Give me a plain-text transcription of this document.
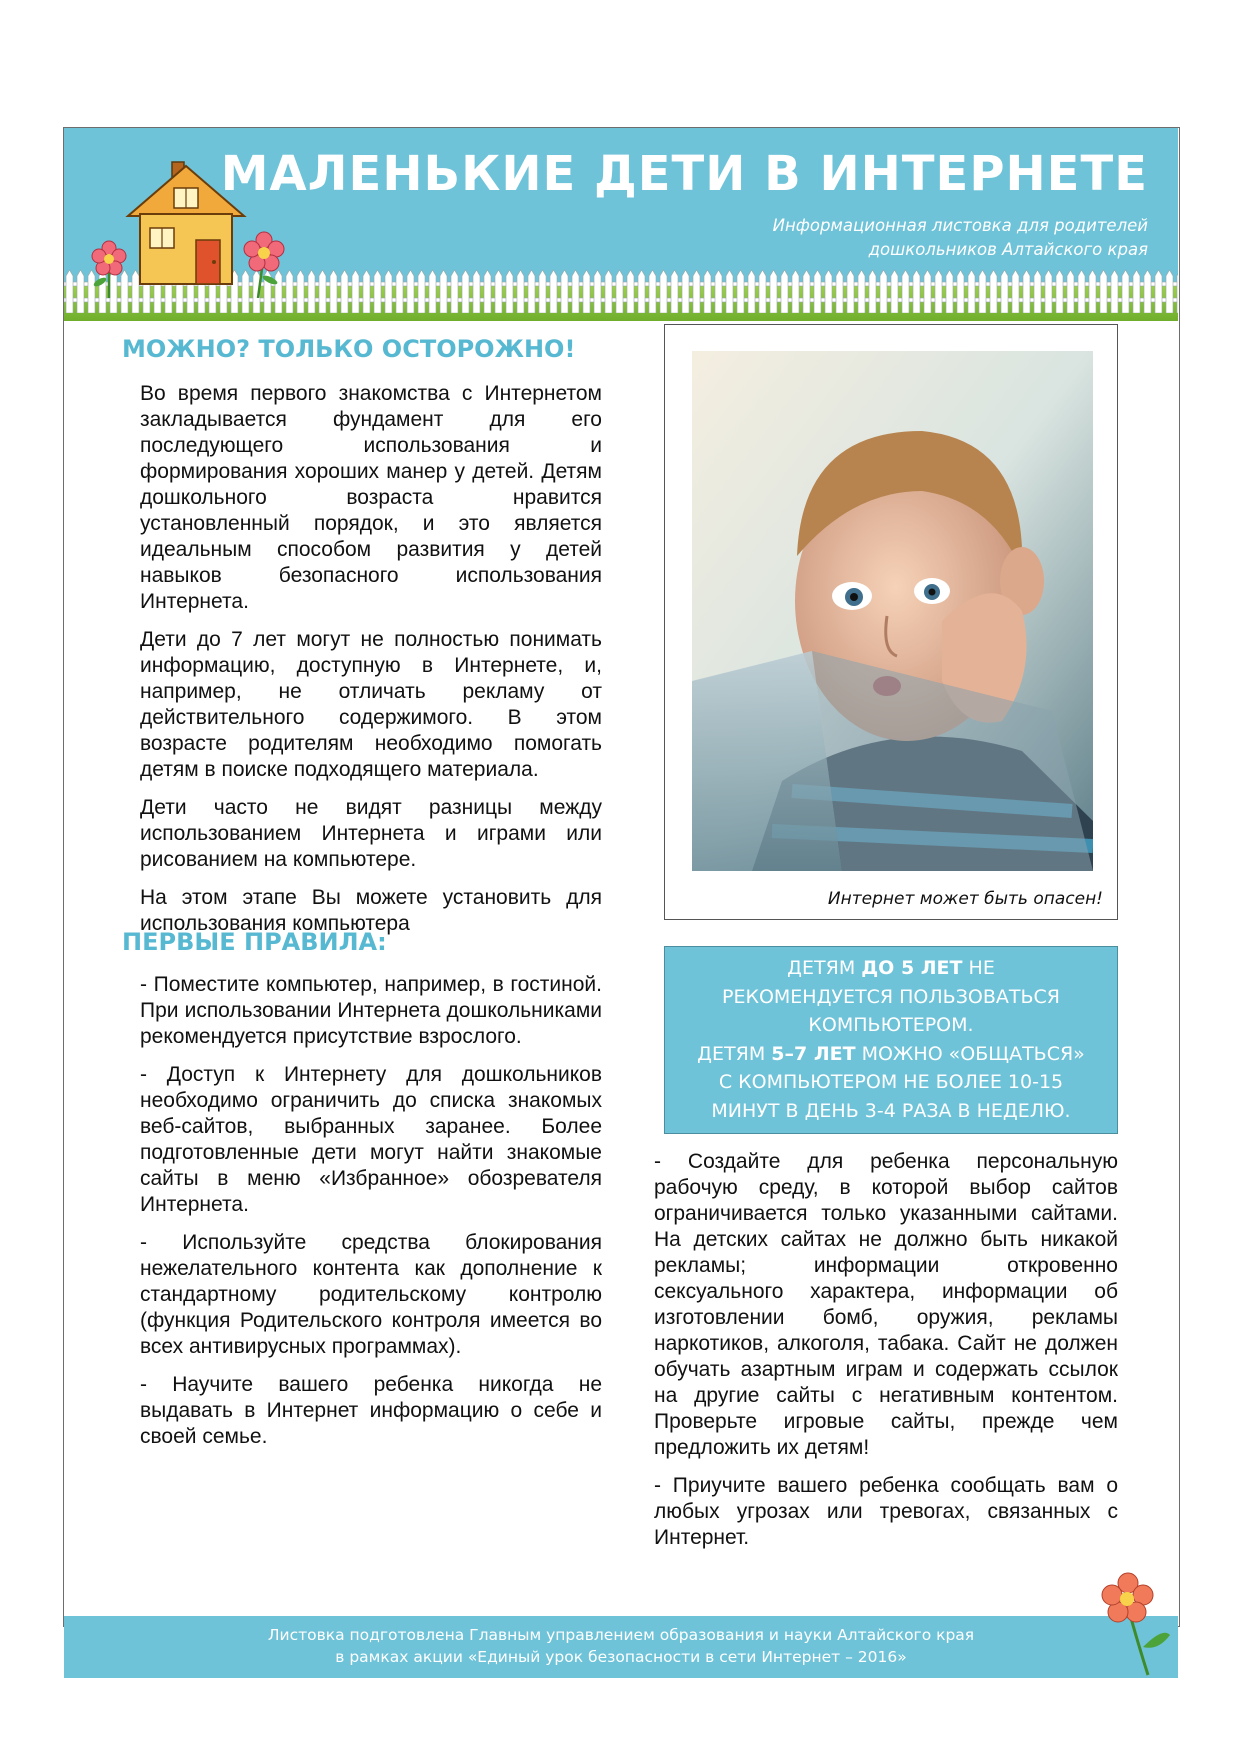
МАЛЕНЬКИЕ ДЕТИ В ИНТЕРНЕТЕ
Информационная листовка для родителей
дошкольников Алтайского края
МОЖНО? ТОЛЬКО ОСТОРОЖНО!

Во время первого знакомства с Интернетом закладывается фундамент для его последующего использования и формирования хороших манер у детей. Детям дошкольного возраста нравится установленный порядок, и это является идеальным способом развития у детей навыков безопасного использования Интернета.

Дети до 7 лет могут не полностью понимать информацию, доступную в Интернете, и, например, не отличать рекламу от действительного содержимого. В этом возрасте родителям необходимо помогать детям в поиске подходящего материала.

Дети часто не видят разницы между использованием Интернета и играми или рисованием на компьютере.

На этом этапе Вы можете установить для использования компьютера

ПЕРВЫЕ ПРАВИЛА:

- Поместите компьютер, например, в гостиной. При использовании Интернета дошкольниками рекомендуется присутствие взрослого.

- Доступ к Интернету для дошкольников необходимо ограничить до списка знакомых веб-сайтов, выбранных заранее. Более подготовленные дети могут найти знакомые сайты в меню «Избранное» обозревателя Интернета.

- Используйте средства блокирования нежелательного контента как дополнение к стандартному родительскому контролю (функция Родительского контроля имеется во всех антивирусных программах).

- Научите вашего ребенка никогда не выдавать в Интернет информацию о себе и своей семье.

Интернет может быть опасен!
ДЕТЯМ ДО 5 ЛЕТ НЕ
РЕКОМЕНДУЕТСЯ ПОЛЬЗОВАТЬСЯ
КОМПЬЮТЕРОМ.
ДЕТЯМ 5–7 ЛЕТ МОЖНО «ОБЩАТЬСЯ»
С КОМПЬЮТЕРОМ НЕ БОЛЕЕ 10-15
МИНУТ В ДЕНЬ 3-4 РАЗА В НЕДЕЛЮ.

- Создайте для ребенка персональную рабочую среду, в которой выбор сайтов ограничивается только указанными сайтами. На детских сайтах не должно быть никакой рекламы; информации откровенно сексуального характера, информации об изготовлении бомб, оружия, рекламы наркотиков, алкоголя, табака. Сайт не должен обучать азартным играм и содержать ссылок на другие сайты с негативным контентом. Проверьте игровые сайты, прежде чем предложить их детям!

- Приучите вашего ребенка сообщать вам о любых угрозах или тревогах, связанных с Интернет.

Листовка подготовлена Главным управлением образования и науки Алтайского края
в рамках акции «Единый урок безопасности в сети Интернет – 2016»
